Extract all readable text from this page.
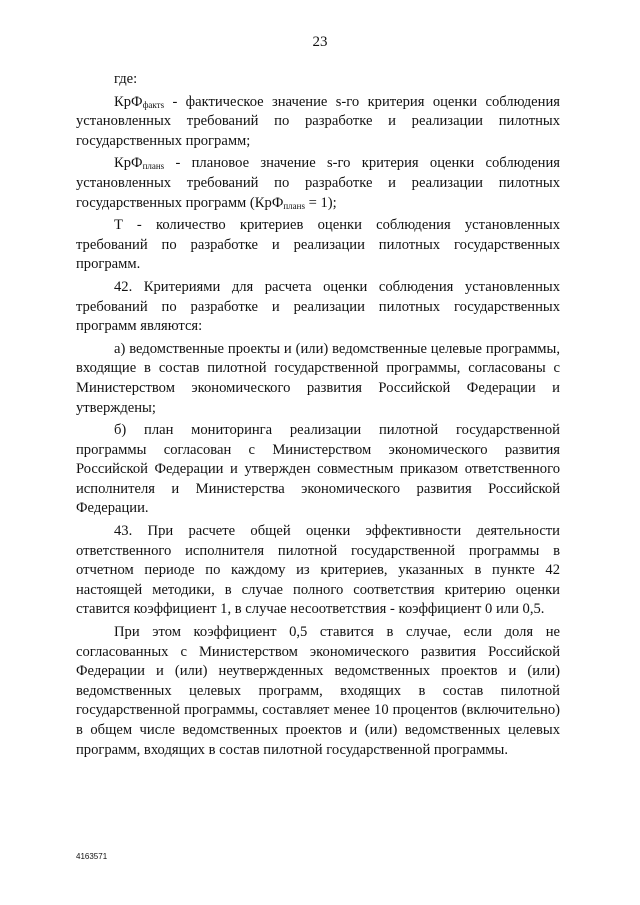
23

где:

КрФ$_{фактs}$ - фактическое значение s-го критерия оценки соблюдения установленных требований по разработке и реализации пилотных государственных программ;

КрФ$_{планs}$ - плановое значение s-го критерия оценки соблюдения установленных требований по разработке и реализации пилотных государственных программ (КрФ$_{планs}$ = 1);

T - количество критериев оценки соблюдения установленных требований по разработке и реализации пилотных государственных программ.

42. Критериями для расчета оценки соблюдения установленных требований по разработке и реализации пилотных государственных программ являются:

а) ведомственные проекты и (или) ведомственные целевые программы, входящие в состав пилотной государственной программы, согласованы с Министерством экономического развития Российской Федерации и утверждены;

б) план мониторинга реализации пилотной государственной программы согласован с Министерством экономического развития Российской Федерации и утвержден совместным приказом ответственного исполнителя и Министерства экономического развития Российской Федерации.

43. При расчете общей оценки эффективности деятельности ответственного исполнителя пилотной государственной программы в отчетном периоде по каждому из критериев, указанных в пункте 42 настоящей методики, в случае полного соответствия критерию оценки ставится коэффициент 1, в случае несоответствия - коэффициент 0 или 0,5.

При этом коэффициент 0,5 ставится в случае, если доля не согласованных с Министерством экономического развития Российской Федерации и (или) неутвержденных ведомственных проектов и (или) ведомственных целевых программ, входящих в состав пилотной государственной программы, составляет менее 10 процентов (включительно) в общем числе ведомственных проектов и (или) ведомственных целевых программ, входящих в состав пилотной государственной программы.

4163571
